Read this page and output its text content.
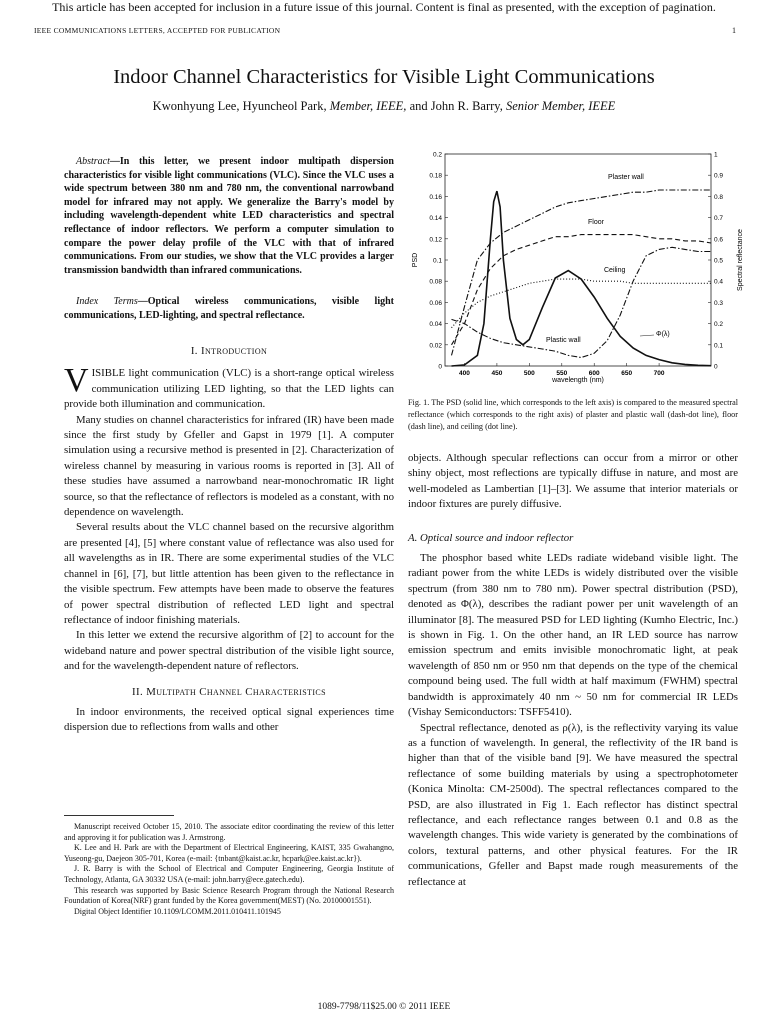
This article has been accepted for inclusion in a future issue of this journal. Content is final as presented, with the exception of pagination.
IEEE COMMUNICATIONS LETTERS, ACCEPTED FOR PUBLICATION	1
Indoor Channel Characteristics for Visible Light Communications
Kwonhyung Lee, Hyuncheol Park, Member, IEEE, and John R. Barry, Senior Member, IEEE
Abstract—In this letter, we present indoor multipath dispersion characteristics for visible light communications (VLC). Since the VLC uses a wide spectrum between 380 nm and 780 nm, the conventional narrowband model for infrared may not apply. We generalize the Barry's model by including wavelength-dependent white LED characteristics and spectral reflectance of indoor reflectors. We perform a computer simulation to compare the power delay profile of the VLC with that of infrared communications. From our studies, we show that the VLC provides a larger transmission bandwidth than infrared communications.
Index Terms—Optical wireless communications, visible light communications, LED-lighting, and spectral reflectance.
I. Introduction

VISIBLE light communication (VLC) is a short-range optical wireless communication utilizing LED lighting, so that the LED lights can provide both illumination and communication.

Many studies on channel characteristics for infrared (IR) have been made since the first study by Gfeller and Gapst in 1979 [1]. A computer simulation using a recursive method is presented in [2]. Characterization of wireless channel by measuring in various rooms is reported in [3]. All of these studies have assumed a narrowband near-monochromatic IR light source, so that the reflectance of reflectors is modeled as a constant, with no dependence on wavelength.

Several results about the VLC channel based on the recursive algorithm are presented [4], [5] where constant value of reflectance was also used for all wavelengths as in IR. There are some experimental studies of the VLC channel in [6], [7], but little attention has been given to the reflectance in the visible spectrum. Few attempts have been made to observe the features of power spectral distribution of reflected LED light and spectral reflectance of indoor finishing materials.

In this letter we extend the recursive algorithm of [2] to account for the wideband nature and power spectral distribution of the visible light source, and for the wavelength-dependent nature of reflectors.

II. Multipath Channel Characteristics

In indoor environments, the received optical signal experiences time dispersion due to reflections from walls and other

Manuscript received October 15, 2010. The associate editor coordinating the review of this letter and approving it for publication was J. Armstrong.

K. Lee and H. Park are with the Department of Electrical Engineering, KAIST, 335 Gwahangno, Yuseong-gu, Daejeon 305-701, Korea (e-mail: {tnbant@kaist.ac.kr, hcpark@ee.kaist.ac.kr}).

J. R. Barry is with the School of Electrical and Computer Engineering, Georgia Institute of Technology, Atlanta, GA 30332 USA (e-mail: john.barry@ece.gatech.edu).

This research was supported by Basic Science Research Program through the National Research Foundation of Korea(NRF) grant funded by the Korea government(MEST) (No. 20100001551).

Digital Object Identifier 10.1109/LCOMM.2011.010411.101945

0
0.02
0.04
0.06
0.08
0.1
0.12
0.14
0.16
0.18
0.2
0
0.1
0.2
0.3
0.4
0.5
0.6
0.7
0.8
0.9
1
400	450	500	550	600	650	700
PSD	Spectral reflectance
wavelength (nm)
Plaster wall
Floor
Ceiling
Plastic wall
Φ(λ)
Fig. 1. The PSD (solid line, which corresponds to the left axis) is compared to the measured spectral reflectance (which corresponds to the right axis) of plaster and plastic wall (dash-dot line), floor (dash line), and ceiling (dot line).

objects. Although specular reflections can occur from a mirror or other shiny object, most reflections are typically diffuse in nature, and most are well-modeled as Lambertian [1]–[3]. We assume that interior materials or indoor fixtures are purely diffusive.

A. Optical source and indoor reflector

The phosphor based white LEDs radiate wideband visible light. The radiant power from the white LEDs is widely distributed over the visible spectrum (from 380 nm to 780 nm). Power spectral distribution (PSD), denoted as Φ(λ), describes the radiant power per unit wavelength of an illuminator [8]. The measured PSD for LED lighting (Kumho Electric, Inc.) is shown in Fig. 1. On the other hand, an IR LED source has narrow emission spectrum and emits invisible monochromatic light, at peak wavelength of 850 nm or 950 nm that depends on the type of the chemical compound being used. The full width at half maximum (FWHM) spectral bandwidth is approximately 40 nm ~ 50 nm for commercial IR LEDs (Vishay Semiconductors: TSFF5410).

Spectral reflectance, denoted as ρ(λ), is the reflectivity varying its value as a function of wavelength. In general, the reflectivity of the IR band is higher than that of the visible band [9]. We have measured the spectral reflectance of some building materials by using a spectrophotometer (Konica Minolta: CM-2500d). The spectral reflectances compared to the PSD, are also illustrated in Fig 1. Each reflector has distinct spectral reflectance, and each reflectance ranges between 0.1 and 0.8 as the wavelength changes. This wide variety is generated by the combinations of colors, textural patterns, and other physical features. For the IR communications, Gfeller and Bapst made rough measurements of the reflectance at

1089-7798/11$25.00 © 2011 IEEE
